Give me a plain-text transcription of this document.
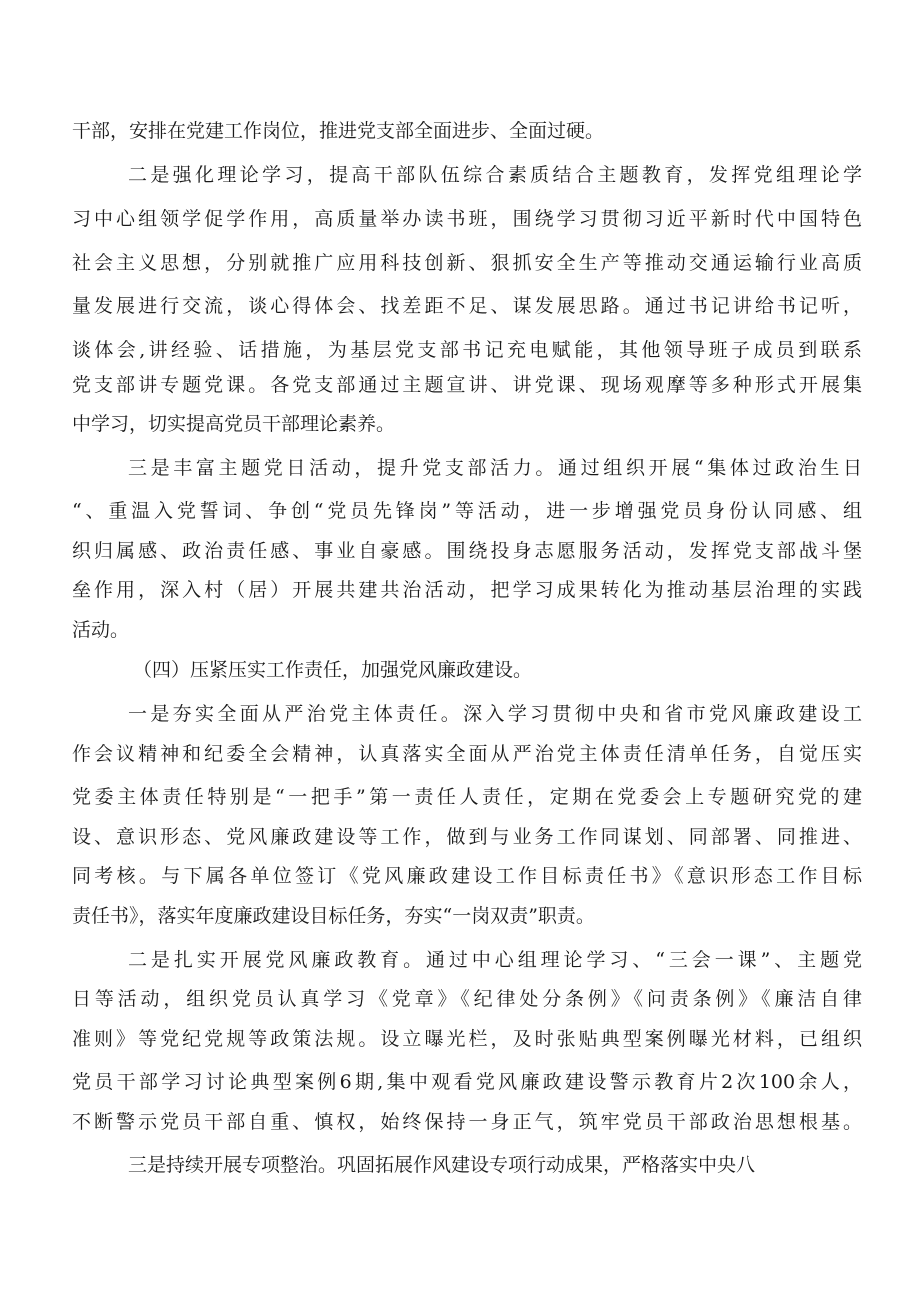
干部，安排在党建工作岗位，推进党支部全面进步、全面过硬。
二是强化理论学习，提高干部队伍综合素质结合主题教育，发挥党组理论学
习中心组领学促学作用，高质量举办读书班，围绕学习贯彻习近平新时代中国特色
社会主义思想，分别就推广应用科技创新、狠抓安全生产等推动交通运输行业高质
量发展进行交流，谈心得体会、找差距不足、谋发展思路。通过书记讲给书记听，
谈体会,讲经验、话措施，为基层党支部书记充电赋能，其他领导班子成员到联系
党支部讲专题党课。各党支部通过主题宣讲、讲党课、现场观摩等多种形式开展集
中学习，切实提高党员干部理论素养。
三是丰富主题党日活动，提升党支部活力。通过组织开展“集体过政治生日
“、重温入党誓词、争创“党员先锋岗”等活动，进一步增强党员身份认同感、组
织归属感、政治责任感、事业自豪感。围绕投身志愿服务活动，发挥党支部战斗堡
垒作用，深入村（居）开展共建共治活动，把学习成果转化为推动基层治理的实践
活动。
（四）压紧压实工作责任，加强党风廉政建设。
一是夯实全面从严治党主体责任。深入学习贯彻中央和省市党风廉政建设工
作会议精神和纪委全会精神，认真落实全面从严治党主体责任清单任务，自觉压实
党委主体责任特别是“一把手”第一责任人责任，定期在党委会上专题研究党的建
设、意识形态、党风廉政建设等工作，做到与业务工作同谋划、同部署、同推进、
同考核。与下属各单位签订《党风廉政建设工作目标责任书》《意识形态工作目标
责任书》，落实年度廉政建设目标任务，夯实“一岗双责”职责。
二是扎实开展党风廉政教育。通过中心组理论学习、“三会一课”、主题党
日等活动，组织党员认真学习《党章》《纪律处分条例》《问责条例》《廉洁自律
准则》等党纪党规等政策法规。设立曝光栏，及时张贴典型案例曝光材料，已组织
党员干部学习讨论典型案例6期,集中观看党风廉政建设警示教育片2次100余人，
不断警示党员干部自重、慎权，始终保持一身正气，筑牢党员干部政治思想根基。
三是持续开展专项整治。巩固拓展作风建设专项行动成果，严格落实中央八
